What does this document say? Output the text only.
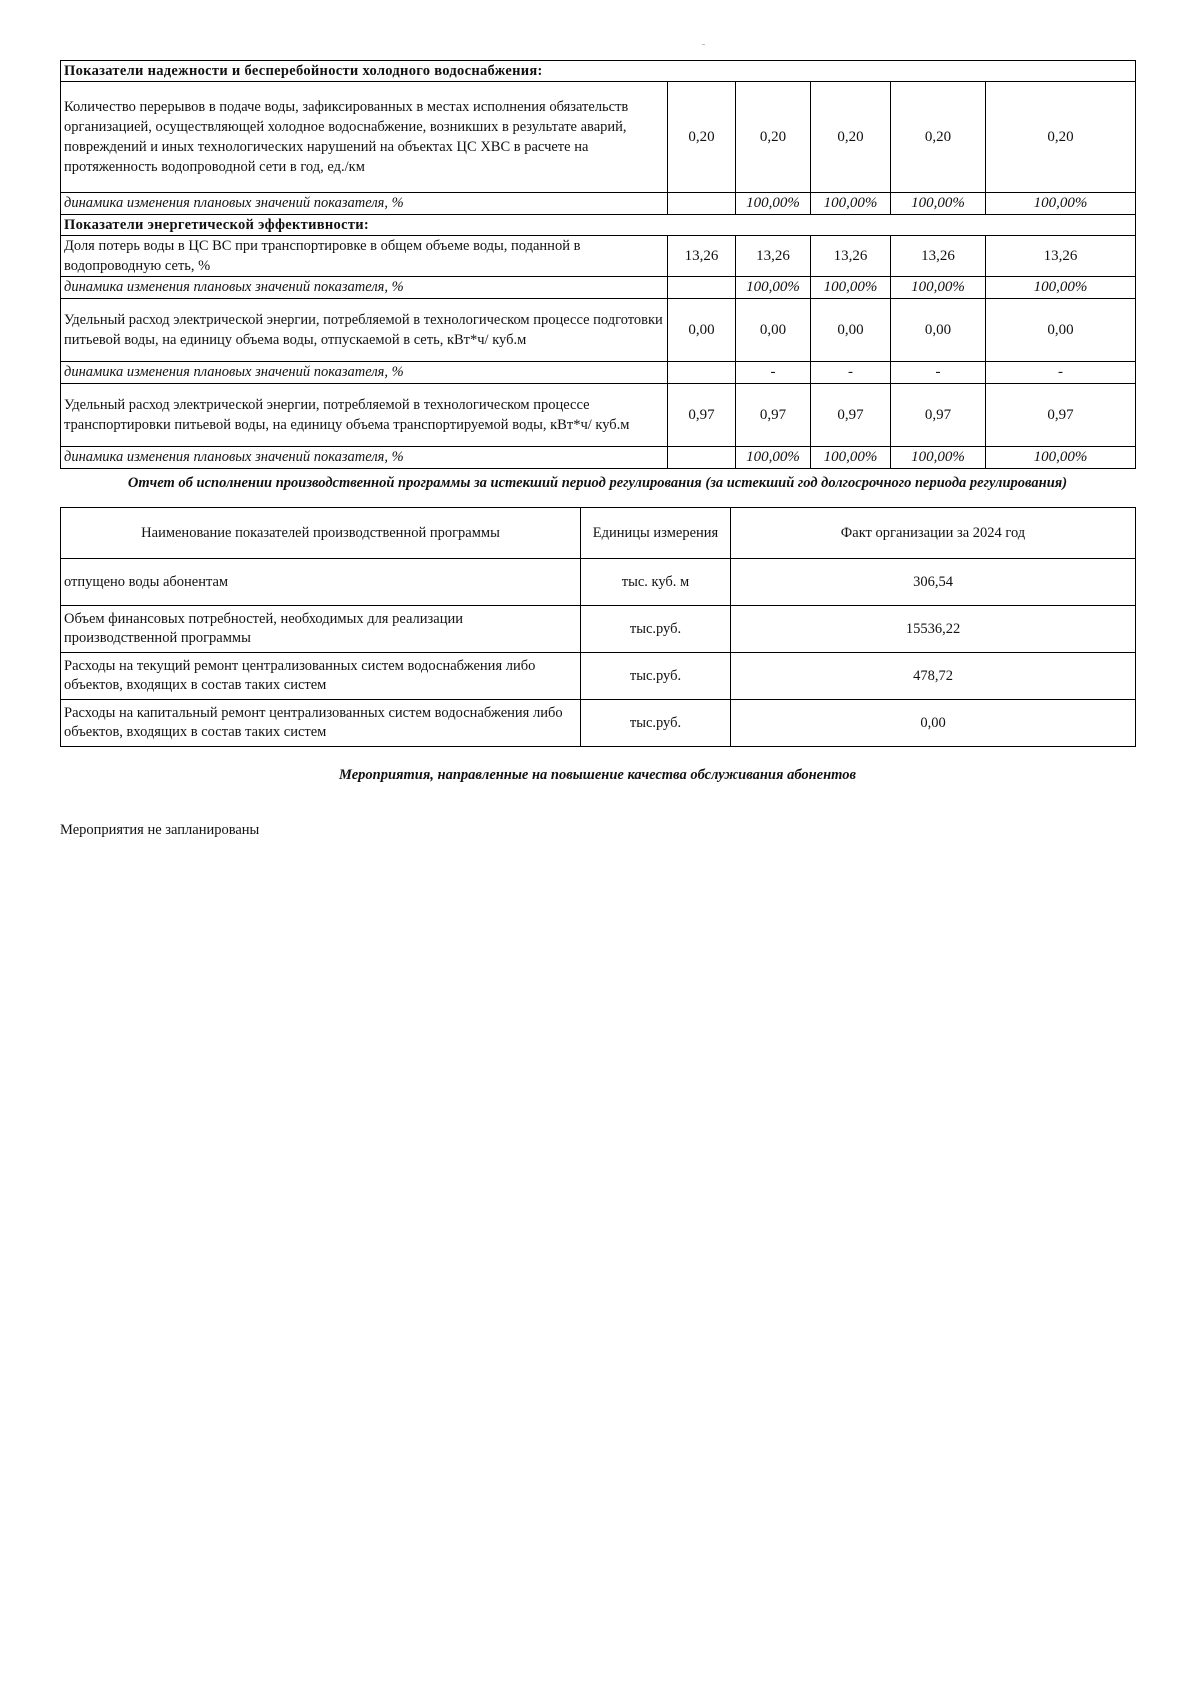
Показатели надежности и бесперебойности холодного водоснабжения:					
Количество перерывов в подаче воды, зафиксированных в местах исполнения обязательств организацией, осуществляющей холодное водоснабжение, возникших в результате аварий, повреждений и иных технологических нарушений на объектах ЦС ХВС в расчете на протяженность водопроводной сети в год, ед./км	0,20	0,20	0,20	0,20	0,20
динамика изменения плановых значений показателя, %		100,00%	100,00%	100,00%	100,00%
Показатели энергетической эффективности:					
Доля потерь воды в ЦС ВС при транспортировке в общем объеме воды, поданной в водопроводную сеть, %	13,26	13,26	13,26	13,26	13,26
динамика изменения плановых значений показателя, %		100,00%	100,00%	100,00%	100,00%
Удельный расход электрической энергии, потребляемой в технологическом процессе подготовки питьевой воды, на единицу объема воды, отпускаемой в сеть, кВт*ч/ куб.м	0,00	0,00	0,00	0,00	0,00
динамика изменения плановых значений показателя, %		-	-	-	-
Удельный расход электрической энергии, потребляемой в технологическом процессе транспортировки питьевой воды, на единицу объема транспортируемой воды, кВт*ч/ куб.м	0,97	0,97	0,97	0,97	0,97
динамика изменения плановых значений показателя, %		100,00%	100,00%	100,00%	100,00%
Отчет об исполнении производственной программы за истекший период регулирования (за истекший год долгосрочного периода регулирования)
Наименование показателей производственной программы	Единицы измерения	Факт организации за 2024 год
отпущено воды абонентам	тыс. куб. м	306,54
Объем финансовых потребностей, необходимых для реализации производственной программы	тыс.руб.	15536,22
Расходы на текущий ремонт централизованных систем водоснабжения либо объектов, входящих в состав таких систем	тыс.руб.	478,72
Расходы на капитальный ремонт централизованных систем водоснабжения либо объектов, входящих в состав таких систем	тыс.руб.	0,00
Мероприятия, направленные на повышение качества обслуживания абонентов
Мероприятия не запланированы
